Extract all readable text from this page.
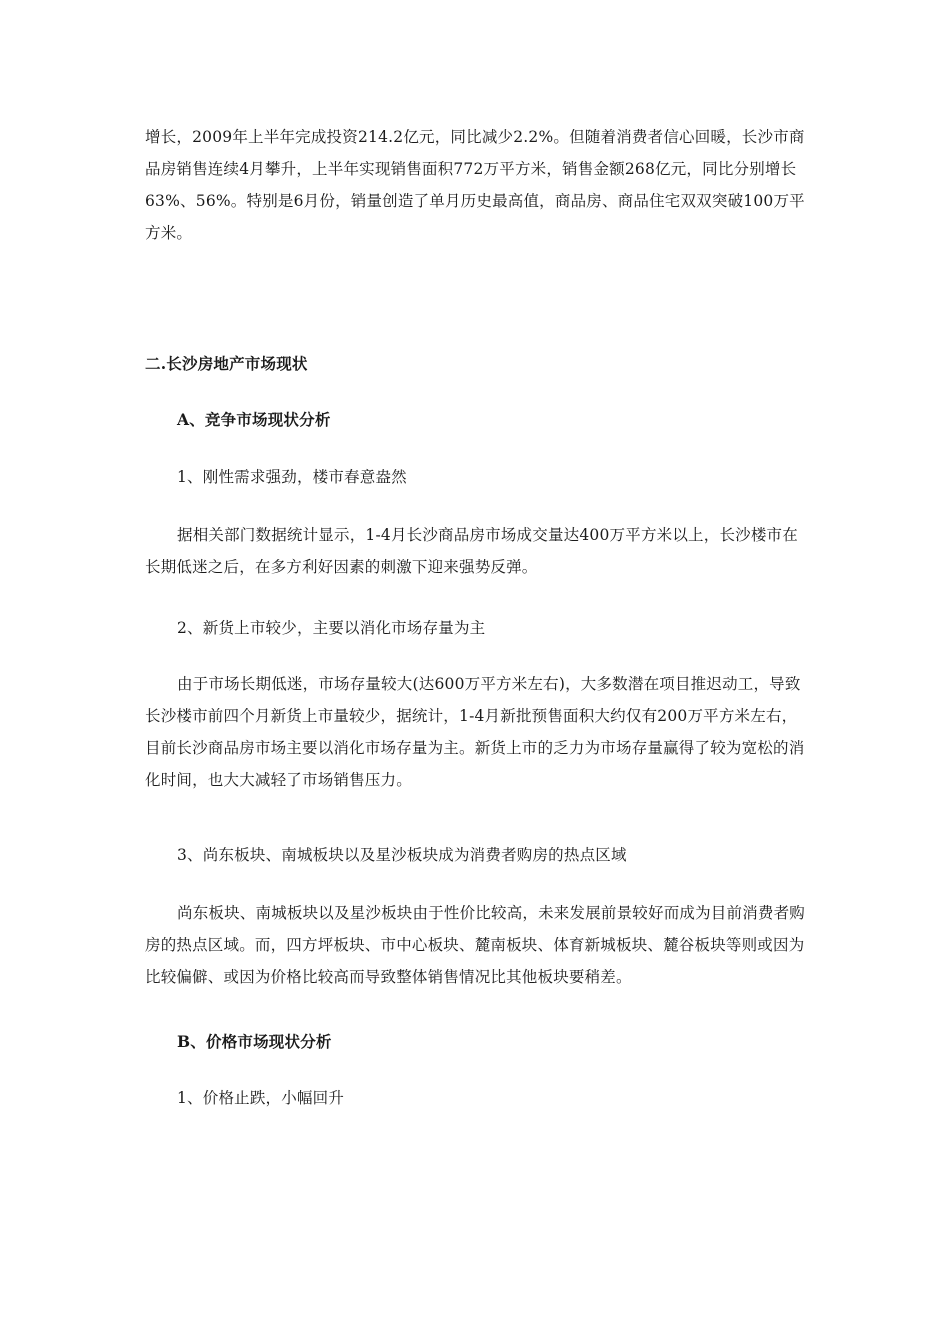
增长，2009年上半年完成投资214.2亿元，同比减少2.2%。但随着消费者信心回暖，长沙市商品房销售连续4月攀升，上半年实现销售面积772万平方米，销售金额268亿元，同比分别增长 63%、56%。特别是6月份，销量创造了单月历史最高值，商品房、商品住宅双双突破100万平方米。

二.长沙房地产市场现状

A、竞争市场现状分析

1、刚性需求强劲，楼市春意盎然

据相关部门数据统计显示，1-4月长沙商品房市场成交量达400万平方米以上，长沙楼市在长期低迷之后，在多方利好因素的刺激下迎来强势反弹。

2、新货上市较少，主要以消化市场存量为主

由于市场长期低迷，市场存量较大(达600万平方米左右)，大多数潜在项目推迟动工，导致长沙楼市前四个月新货上市量较少，据统计，1-4月新批预售面积大约仅有200万平方米左右，目前长沙商品房市场主要以消化市场存量为主。新货上市的乏力为市场存量赢得了较为宽松的消化时间，也大大减轻了市场销售压力。

3、尚东板块、南城板块以及星沙板块成为消费者购房的热点区域

尚东板块、南城板块以及星沙板块由于性价比较高，未来发展前景较好而成为目前消费者购房的热点区域。而，四方坪板块、市中心板块、麓南板块、体育新城板块、麓谷板块等则或因为比较偏僻、或因为价格比较高而导致整体销售情况比其他板块要稍差。

B、价格市场现状分析

1、价格止跌，小幅回升
